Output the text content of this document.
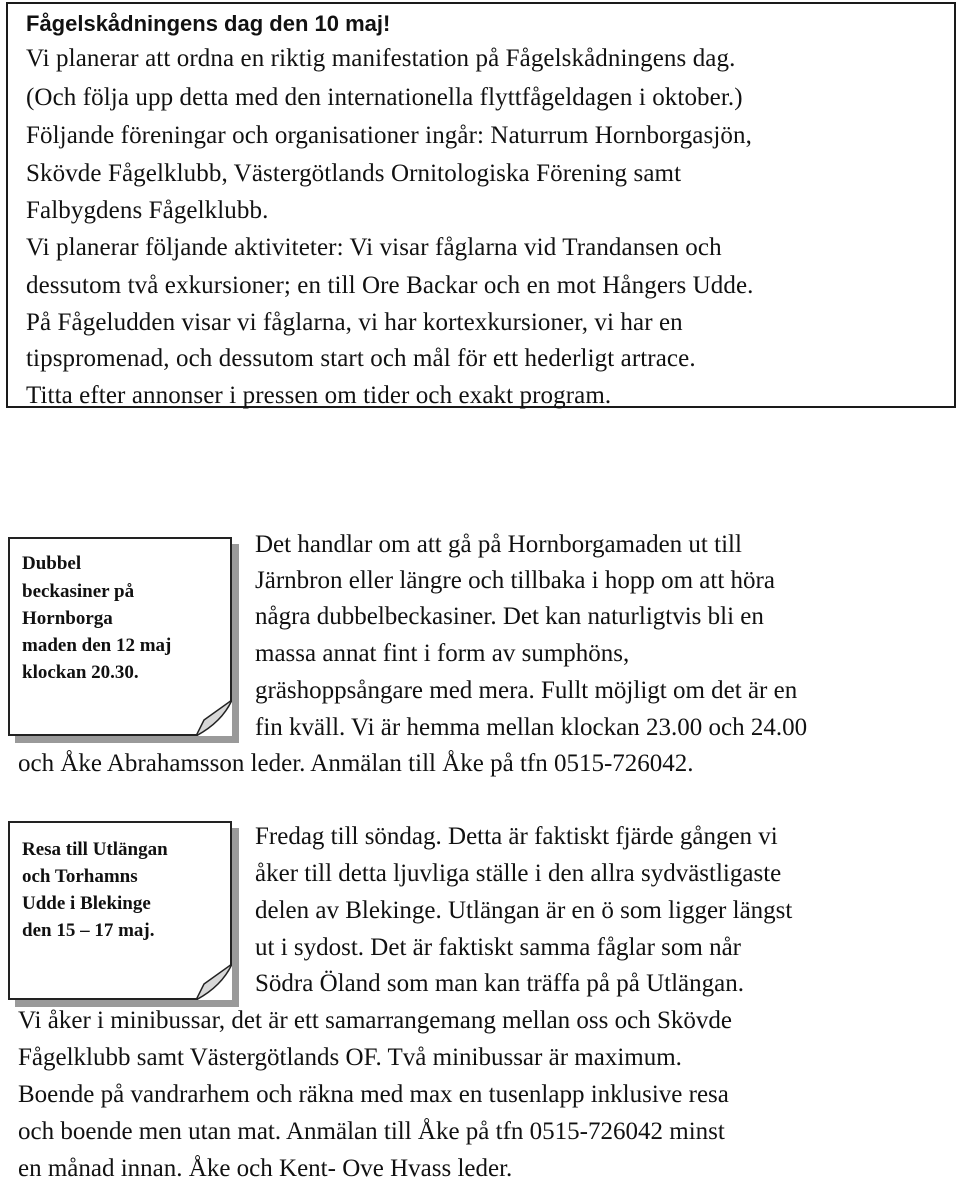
Fågelskådningens dag den 10 maj!
Vi planerar att ordna en riktig manifestation på Fågelskådningens dag.
(Och följa upp detta med den internationella flyttfågeldagen i oktober.)
Följande föreningar och organisationer ingår: Naturrum Hornborgasjön,
Skövde Fågelklubb, Västergötlands Ornitologiska Förening samt
Falbygdens Fågelklubb.
Vi planerar följande aktiviteter: Vi visar fåglarna vid Trandansen och
dessutom två exkursioner; en till Ore Backar och en mot Hångers Udde.
På Fågeludden visar vi fåglarna, vi har kortexkursioner, vi har en
tipspromenad, och dessutom start och mål för ett hederligt artrace.
Titta efter annonser i pressen om tider och exakt program.
Dubbel
beckasiner på
Hornborga
maden den 12 maj
klockan 20.30.
Det handlar om att gå på Hornborgamaden ut till
Järnbron eller längre och tillbaka i hopp om att höra
några dubbelbeckasiner. Det kan naturligtvis bli en
massa annat fint i form av sumphöns,
gräshoppsångare med mera. Fullt möjligt om det är en
fin kväll. Vi är hemma mellan klockan 23.00 och 24.00
och Åke Abrahamsson leder. Anmälan till Åke på tfn 0515-726042.
Resa till Utlängan
och Torhamns
Udde i Blekinge
den 15 – 17 maj.
Fredag till söndag. Detta är faktiskt fjärde gången vi
åker till detta ljuvliga ställe i den allra sydvästligaste
delen av Blekinge. Utlängan är en ö som ligger längst
ut i sydost. Det är faktiskt samma fåglar som når
Södra Öland som man kan träffa på på Utlängan.
Vi åker i minibussar, det är ett samarrangemang mellan oss och Skövde
Fågelklubb samt Västergötlands OF. Två minibussar är maximum.
Boende på vandrarhem och räkna med max en tusenlapp inklusive resa
och boende men utan mat. Anmälan till Åke på tfn 0515-726042 minst
en månad innan. Åke och Kent- Ove Hvass leder.
